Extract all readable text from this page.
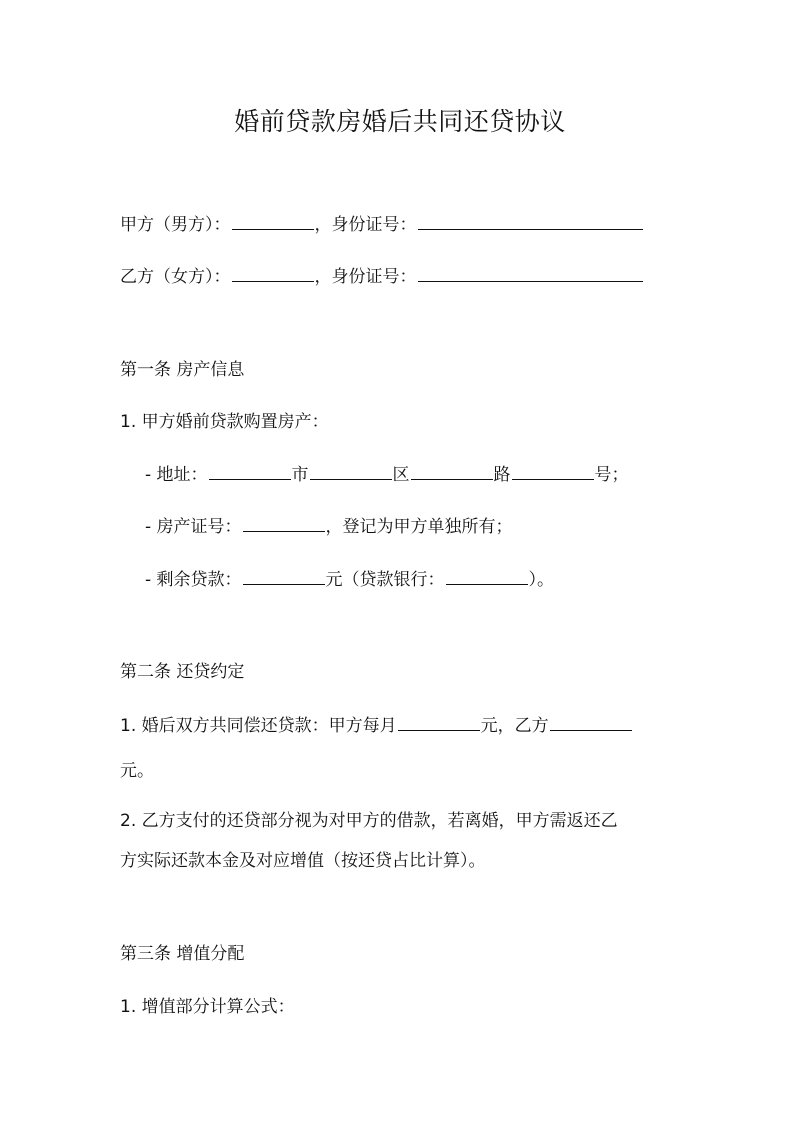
婚前贷款房婚后共同还贷协议
甲方（男方）：	，身份证号：
乙方（女方）：	，身份证号：
第一条 房产信息
1. 甲方婚前贷款购置房产：
- 地址：	市	区	路	号；
- 房产证号：	，登记为甲方单独所有；
- 剩余贷款：	元（贷款银行：	）。
第二条 还贷约定
1. 婚后双方共同偿还贷款：甲方每月	元，乙方
元。
2. 乙方支付的还贷部分视为对甲方的借款，若离婚，甲方需返还乙
方实际还款本金及对应增值（按还贷占比计算）。
第三条 增值分配
1. 增值部分计算公式：
